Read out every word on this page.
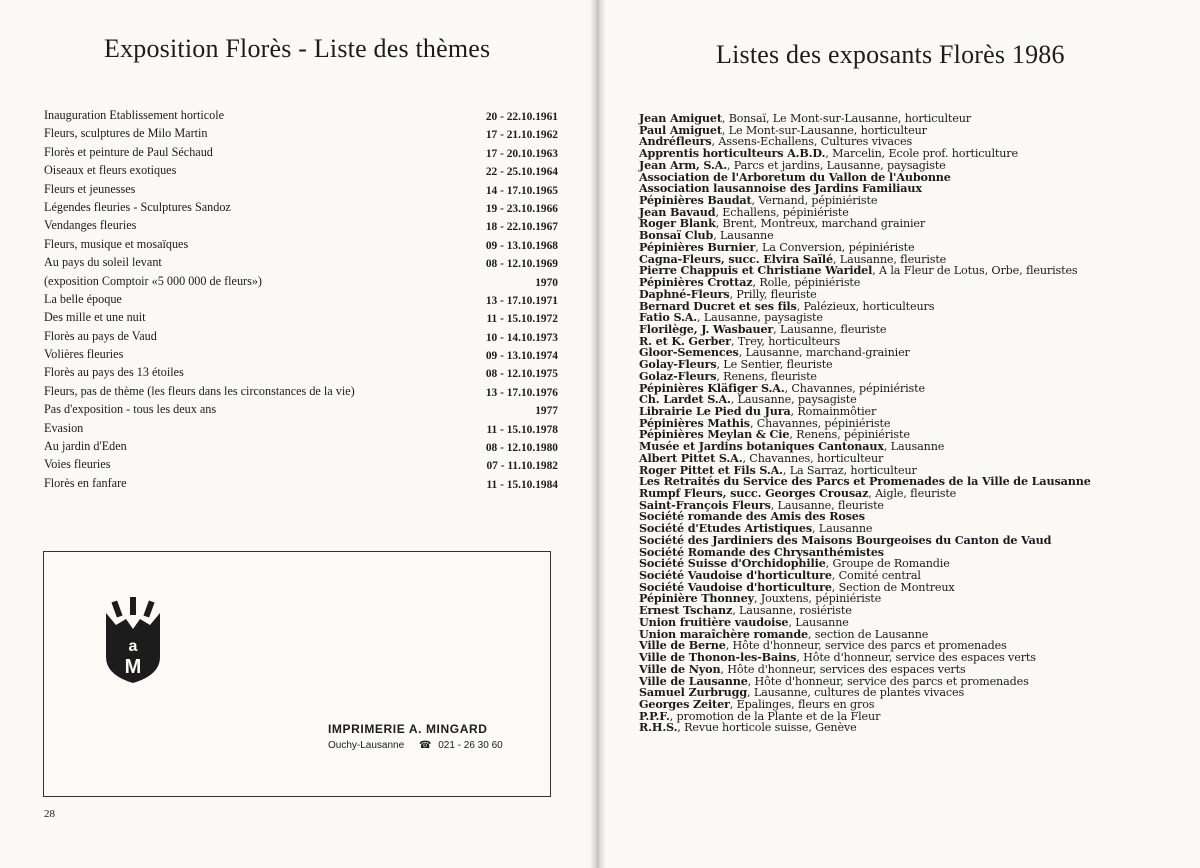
Exposition Florès - Liste des thèmes
Inauguration Etablissement horticole	20 - 22.10.1961
Fleurs, sculptures de Milo Martin	17 - 21.10.1962
Florès et peinture de Paul Séchaud	17 - 20.10.1963
Oiseaux et fleurs exotiques	22 - 25.10.1964
Fleurs et jeunesses	14 - 17.10.1965
Légendes fleuries - Sculptures Sandoz	19 - 23.10.1966
Vendanges fleuries	18 - 22.10.1967
Fleurs, musique et mosaïques	09 - 13.10.1968
Au pays du soleil levant	08 - 12.10.1969
(exposition Comptoir «5 000 000 de fleurs»)	1970
La belle époque	13 - 17.10.1971
Des mille et une nuit	11 - 15.10.1972
Florès au pays de Vaud	10 - 14.10.1973
Volières fleuries	09 - 13.10.1974
Florès au pays des 13 étoiles	08 - 12.10.1975
Fleurs, pas de thème (les fleurs dans les circonstances de la vie)	13 - 17.10.1976
Pas d'exposition - tous les deux ans	1977
Evasion	11 - 15.10.1978
Au jardin d'Eden	08 - 12.10.1980
Voies fleuries	07 - 11.10.1982
Florès en fanfare	11 - 15.10.1984
a
M
IMPRIMERIE A. MINGARD
Ouchy-Lausanne ☎ 021 - 26 30 60
28
Listes des exposants Florès 1986
Jean Amiguet, Bonsaï, Le Mont-sur-Lausanne, horticulteur
Paul Amiguet, Le Mont-sur-Lausanne, horticulteur
Andréfleurs, Assens-Echallens, Cultures vivaces
Apprentis horticulteurs A.B.D., Marcelin, Ecole prof. horticulture
Jean Arm, S.A., Parcs et jardins, Lausanne, paysagiste
Association de l'Arboretum du Vallon de l'Aubonne
Association lausannoise des Jardins Familiaux
Pépinières Baudat, Vernand, pépiniériste
Jean Bavaud, Echallens, pépiniériste
Roger Blank, Brent, Montreux, marchand grainier
Bonsaï Club, Lausanne
Pépinières Burnier, La Conversion, pépiniériste
Cagna-Fleurs, succ. Elvira Saïlé, Lausanne, fleuriste
Pierre Chappuis et Christiane Waridel, A la Fleur de Lotus, Orbe, fleuristes
Pépinières Crottaz, Rolle, pépiniériste
Daphné-Fleurs, Prilly, fleuriste
Bernard Ducret et ses fils, Palézieux, horticulteurs
Fatio S.A., Lausanne, paysagiste
Florilège, J. Wasbauer, Lausanne, fleuriste
R. et K. Gerber, Trey, horticulteurs
Gloor-Semences, Lausanne, marchand-grainier
Golay-Fleurs, Le Sentier, fleuriste
Golaz-Fleurs, Renens, fleuriste
Pépinières Kläfiger S.A., Chavannes, pépiniériste
Ch. Lardet S.A., Lausanne, paysagiste
Librairie Le Pied du Jura, Romainmôtier
Pépinières Mathis, Chavannes, pépiniériste
Pépinières Meylan & Cie, Renens, pépiniériste
Musée et Jardins botaniques Cantonaux, Lausanne
Albert Pittet S.A., Chavannes, horticulteur
Roger Pittet et Fils S.A., La Sarraz, horticulteur
Les Retraités du Service des Parcs et Promenades de la Ville de Lausanne
Rumpf Fleurs, succ. Georges Crousaz, Aigle, fleuriste
Saint-François Fleurs, Lausanne, fleuriste
Société romande des Amis des Roses
Société d'Etudes Artistiques, Lausanne
Société des Jardiniers des Maisons Bourgeoises du Canton de Vaud
Société Romande des Chrysanthémistes
Société Suisse d'Orchidophilie, Groupe de Romandie
Société Vaudoise d'horticulture, Comité central
Société Vaudoise d'horticulture, Section de Montreux
Pépinière Thonney, Jouxtens, pépiniériste
Ernest Tschanz, Lausanne, rosiériste
Union fruitière vaudoise, Lausanne
Union maraîchère romande, section de Lausanne
Ville de Berne, Hôte d'honneur, service des parcs et promenades
Ville de Thonon-les-Bains, Hôte d'honneur, service des espaces verts
Ville de Nyon, Hôte d'honneur, services des espaces verts
Ville de Lausanne, Hôte d'honneur, service des parcs et promenades
Samuel Zurbrugg, Lausanne, cultures de plantes vivaces
Georges Zeiter, Epalinges, fleurs en gros
P.P.F., promotion de la Plante et de la Fleur
R.H.S., Revue horticole suisse, Genève
